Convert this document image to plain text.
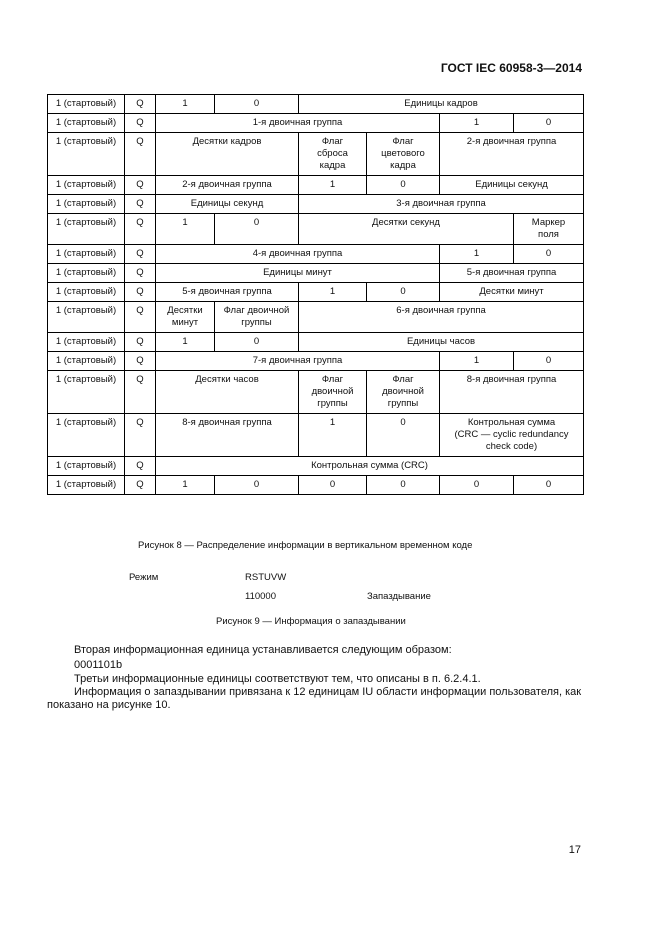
ГОСТ IEC 60958-3—2014
1 (стартовый)	Q	1	0	Единицы кадров			
1 (стартовый)	Q	1-я двоичная группа				1	0
1 (стартовый)	Q	Десятки кадров		Флаг
сброса
кадра	Флаг
цветового
кадра	2-я двоичная группа	
1 (стартовый)	Q	2-я двоичная группа		1	0	Единицы секунд	
1 (стартовый)	Q	Единицы секунд		3-я двоичная группа			
1 (стартовый)	Q	1	0	Десятки секунд			Маркер
поля
1 (стартовый)	Q	4-я двоичная группа				1	0
1 (стартовый)	Q	Единицы минут				5-я двоичная группа	
1 (стартовый)	Q	5-я двоичная группа		1	0	Десятки минут	
1 (стартовый)	Q	Десятки
минут	Флаг двоичной
группы	6-я двоичная группа			
1 (стартовый)	Q	1	0	Единицы часов			
1 (стартовый)	Q	7-я двоичная группа				1	0
1 (стартовый)	Q	Десятки часов		Флаг
двоичной
группы	Флаг
двоичной
группы	8-я двоичная группа	
1 (стартовый)	Q	8-я двоичная группа		1	0	Контрольная сумма
(CRC — cyclic redundancy
check code)	
1 (стартовый)	Q	Контрольная сумма (CRC)					
1 (стартовый)	Q	1	0	0	0	0	0
Рисунок 8 — Распределение информации в вертикальном временном коде
Режим	RSTUVW
110000	Запаздывание
Рисунок 9 — Информация о запаздывании
Вторая информационная единица устанавливается следующим образом:
0001101b
Третьи информационные единицы соответствуют тем, что описаны в п. 6.2.4.1.
Информация о запаздывании привязана к 12 единицам IU области информации пользователя, как
показано на рисунке 10.
17
